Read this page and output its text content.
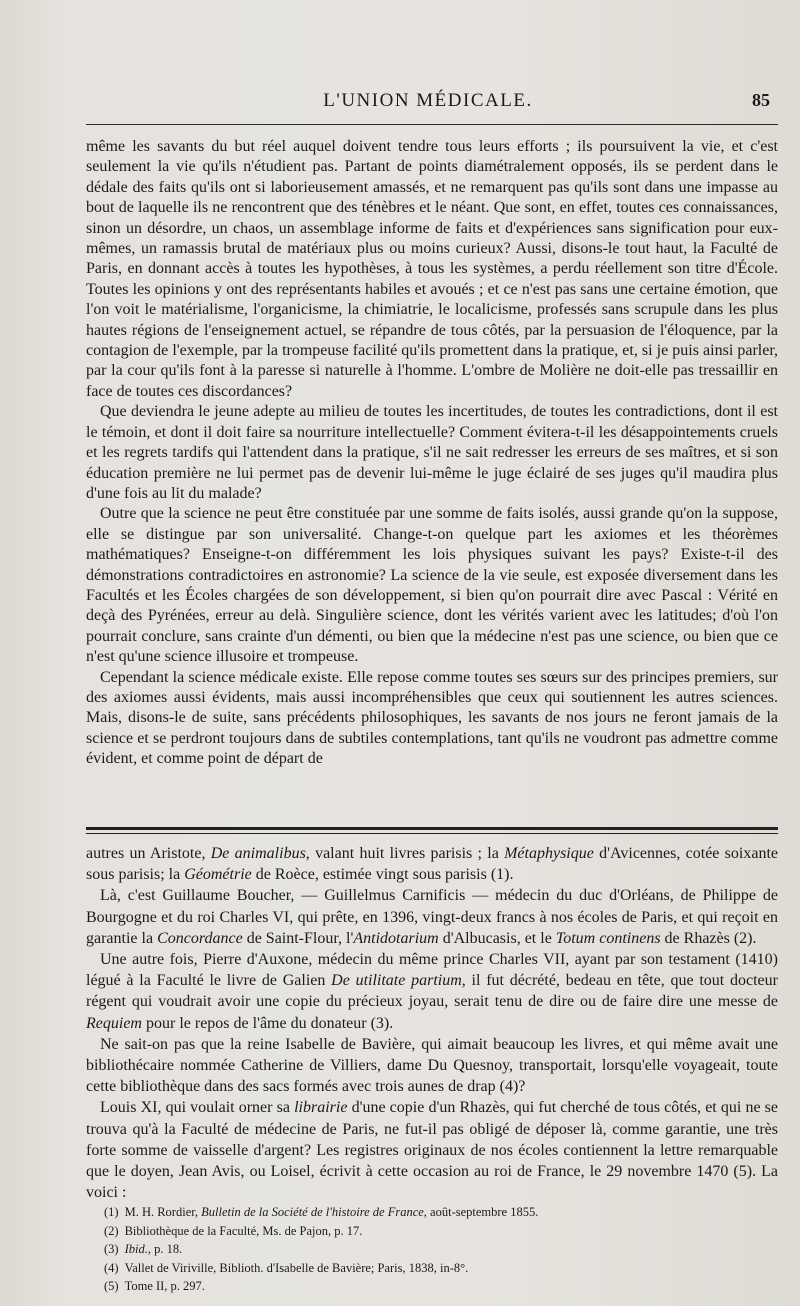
L'UNION MÉDICALE.	85

même les savants du but réel auquel doivent tendre tous leurs efforts ; ils poursuivent la vie, et c'est seulement la vie qu'ils n'étudient pas. Partant de points diamétralement opposés, ils se perdent dans le dédale des faits qu'ils ont si laborieusement amassés, et ne remarquent pas qu'ils sont dans une impasse au bout de laquelle ils ne rencontrent que des ténèbres et le néant. Que sont, en effet, toutes ces connaissances, sinon un désordre, un chaos, un assemblage informe de faits et d'expériences sans signification pour eux-mêmes, un ramassis brutal de matériaux plus ou moins curieux? Aussi, disons-le tout haut, la Faculté de Paris, en donnant accès à toutes les hypothèses, à tous les systèmes, a perdu réellement son titre d'École. Toutes les opinions y ont des représentants habiles et avoués ; et ce n'est pas sans une certaine émotion, que l'on voit le matérialisme, l'organicisme, la chimiatrie, le localicisme, professés sans scrupule dans les plus hautes régions de l'enseignement actuel, se répandre de tous côtés, par la persuasion de l'éloquence, par la contagion de l'exemple, par la trompeuse facilité qu'ils promettent dans la pratique, et, si je puis ainsi parler, par la cour qu'ils font à la paresse si naturelle à l'homme. L'ombre de Molière ne doit-elle pas tressaillir en face de toutes ces discordances?

Que deviendra le jeune adepte au milieu de toutes les incertitudes, de toutes les contradictions, dont il est le témoin, et dont il doit faire sa nourriture intellectuelle? Comment évitera-t-il les désappointements cruels et les regrets tardifs qui l'attendent dans la pratique, s'il ne sait redresser les erreurs de ses maîtres, et si son éducation première ne lui permet pas de devenir lui-même le juge éclairé de ses juges qu'il maudira plus d'une fois au lit du malade?

Outre que la science ne peut être constituée par une somme de faits isolés, aussi grande qu'on la suppose, elle se distingue par son universalité. Change-t-on quelque part les axiomes et les théorèmes mathématiques? Enseigne-t-on différemment les lois physiques suivant les pays? Existe-t-il des démonstrations contradictoires en astronomie? La science de la vie seule, est exposée diversement dans les Facultés et les Écoles chargées de son développement, si bien qu'on pourrait dire avec Pascal : Vérité en deçà des Pyrénées, erreur au delà. Singulière science, dont les vérités varient avec les latitudes; d'où l'on pourrait conclure, sans crainte d'un démenti, ou bien que la médecine n'est pas une science, ou bien que ce n'est qu'une science illusoire et trompeuse.

Cependant la science médicale existe. Elle repose comme toutes ses sœurs sur des principes premiers, sur des axiomes aussi évidents, mais aussi incompréhensibles que ceux qui soutiennent les autres sciences. Mais, disons-le de suite, sans précédents philosophiques, les savants de nos jours ne feront jamais de la science et se perdront toujours dans de subtiles contemplations, tant qu'ils ne voudront pas admettre comme évident, et comme point de départ de

autres un Aristote, De animalibus, valant huit livres parisis ; la Métaphysique d'Avicennes, cotée soixante sous parisis; la Géométrie de Roèce, estimée vingt sous parisis (1).

Là, c'est Guillaume Boucher, — Guillelmus Carnificis — médecin du duc d'Orléans, de Philippe de Bourgogne et du roi Charles VI, qui prête, en 1396, vingt-deux francs à nos écoles de Paris, et qui reçoit en garantie la Concordance de Saint-Flour, l'Antidotarium d'Albucasis, et le Totum continens de Rhazès (2).

Une autre fois, Pierre d'Auxone, médecin du même prince Charles VII, ayant par son testament (1410) légué à la Faculté le livre de Galien De utilitate partium, il fut décrété, bedeau en tête, que tout docteur régent qui voudrait avoir une copie du précieux joyau, serait tenu de dire ou de faire dire une messe de Requiem pour le repos de l'âme du donateur (3).

Ne sait-on pas que la reine Isabelle de Bavière, qui aimait beaucoup les livres, et qui même avait une bibliothécaire nommée Catherine de Villiers, dame Du Quesnoy, transportait, lorsqu'elle voyageait, toute cette bibliothèque dans des sacs formés avec trois aunes de drap (4)?

Louis XI, qui voulait orner sa librairie d'une copie d'un Rhazès, qui fut cherché de tous côtés, et qui ne se trouva qu'à la Faculté de médecine de Paris, ne fut-il pas obligé de déposer là, comme garantie, une très forte somme de vaisselle d'argent? Les registres originaux de nos écoles contiennent la lettre remarquable que le doyen, Jean Avis, ou Loisel, écrivit à cette occasion au roi de France, le 29 novembre 1470 (5). La voici :

(1) M. H. Rordier, Bulletin de la Société de l'histoire de France, août-septembre 1855.

(2) Bibliothèque de la Faculté, Ms. de Pajon, p. 17.

(3) Ibid., p. 18.

(4) Vallet de Viriville, Biblioth. d'Isabelle de Bavière; Paris, 1838, in-8°.

(5) Tome II, p. 297.
